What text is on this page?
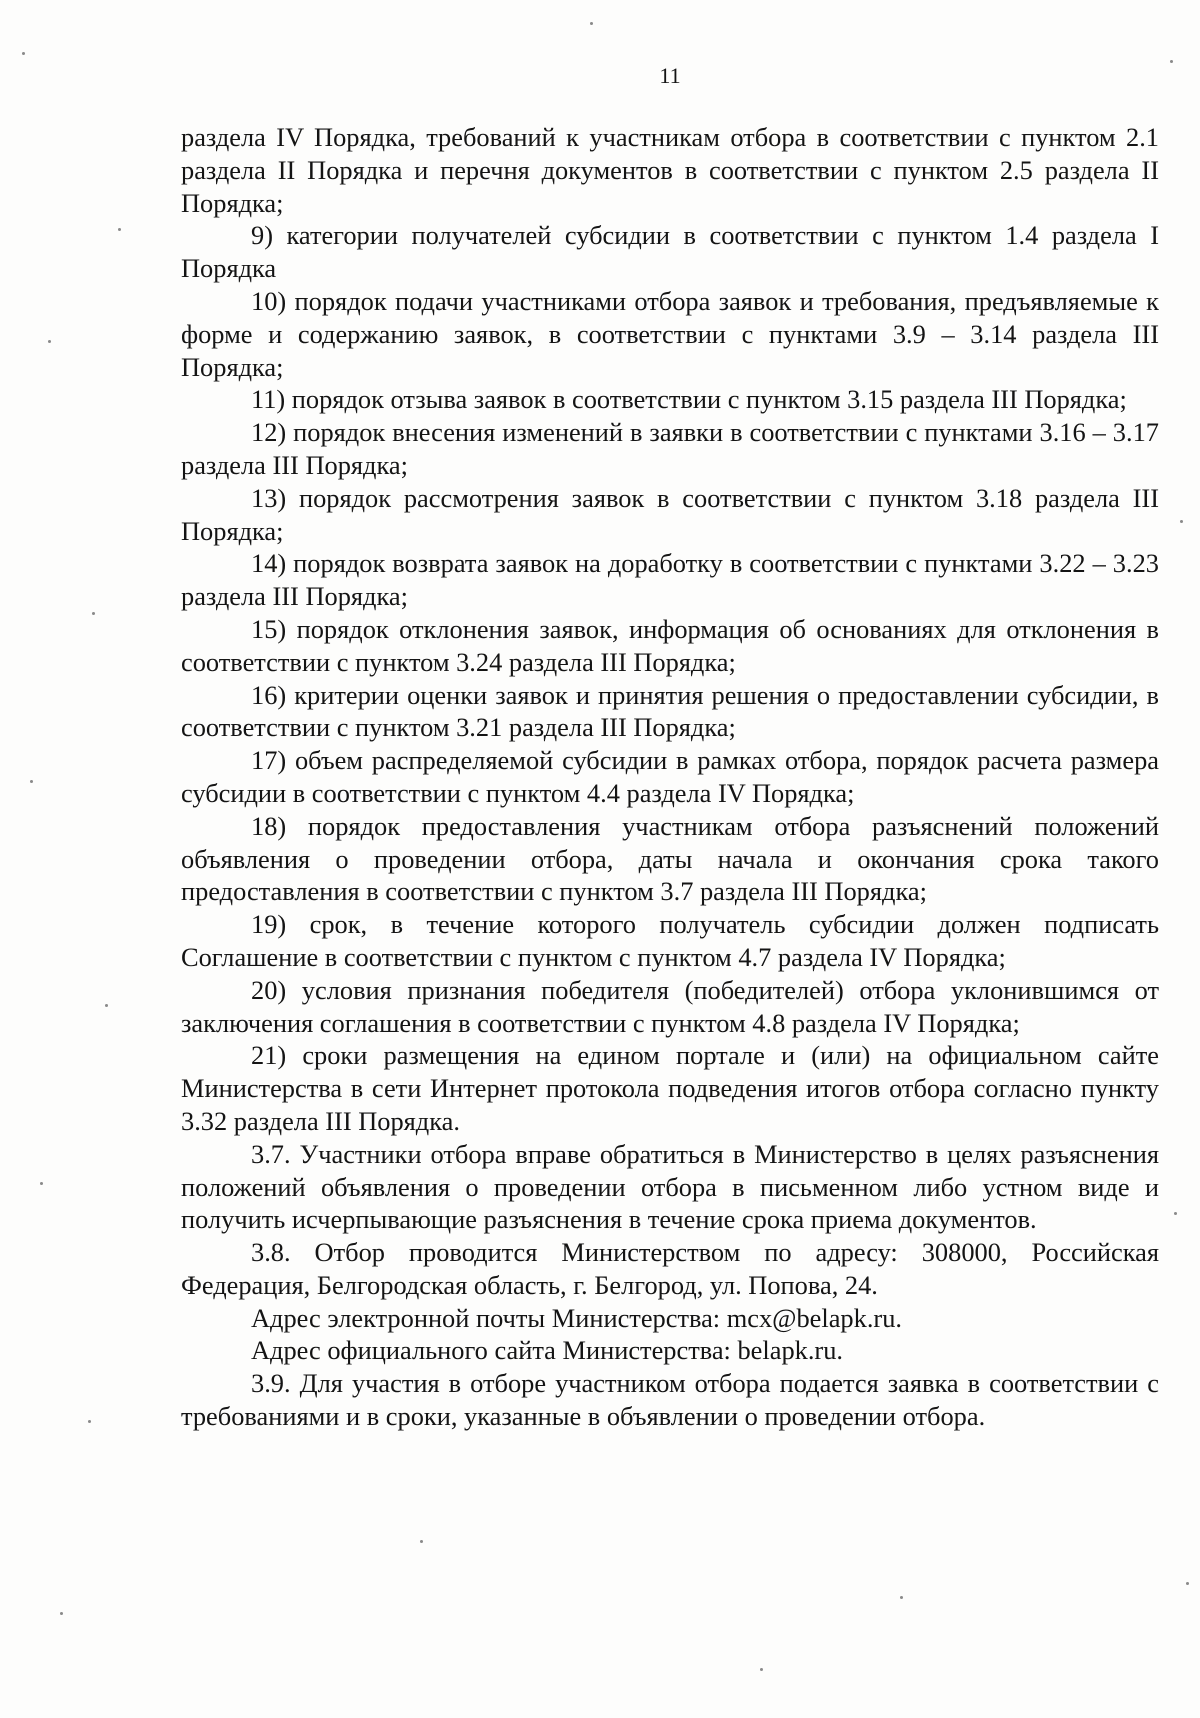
11

раздела IV Порядка, требований к участникам отбора в соответствии с пунктом 2.1 раздела II Порядка и перечня документов в соответствии с пунктом 2.5 раздела II Порядка;

9) категории получателей субсидии в соответствии с пунктом 1.4 раздела I Порядка

10) порядок подачи участниками отбора заявок и требования, предъявляемые к форме и содержанию заявок, в соответствии с пунктами 3.9 – 3.14 раздела III Порядка;

11) порядок отзыва заявок в соответствии с пунктом 3.15 раздела III Порядка;

12) порядок внесения изменений в заявки в соответствии с пунктами 3.16 – 3.17 раздела III Порядка;

13) порядок рассмотрения заявок в соответствии с пунктом 3.18 раздела III Порядка;

14) порядок возврата заявок на доработку в соответствии с пунктами 3.22 – 3.23 раздела III Порядка;

15) порядок отклонения заявок, информация об основаниях для отклонения в соответствии с пунктом 3.24 раздела III Порядка;

16) критерии оценки заявок и принятия решения о предоставлении субсидии, в соответствии с пунктом 3.21 раздела III Порядка;

17) объем распределяемой субсидии в рамках отбора, порядок расчета размера субсидии в соответствии с пунктом 4.4 раздела IV Порядка;

18) порядок предоставления участникам отбора разъяснений положений объявления о проведении отбора, даты начала и окончания срока такого предоставления в соответствии с пунктом 3.7 раздела III Порядка;

19) срок, в течение которого получатель субсидии должен подписать Соглашение в соответствии с пунктом с пунктом 4.7 раздела IV Порядка;

20) условия признания победителя (победителей) отбора уклонившимся от заключения соглашения в соответствии с пунктом 4.8 раздела IV Порядка;

21) сроки размещения на едином портале и (или) на официальном сайте Министерства в сети Интернет протокола подведения итогов отбора согласно пункту 3.32 раздела III Порядка.

3.7. Участники отбора вправе обратиться в Министерство в целях разъяснения положений объявления о проведении отбора в письменном либо устном виде и получить исчерпывающие разъяснения в течение срока приема документов.

3.8. Отбор проводится Министерством по адресу: 308000, Российская Федерация, Белгородская область, г. Белгород, ул. Попова, 24.

Адрес электронной почты Министерства: mcx@belapk.ru.

Адрес официального сайта Министерства: belapk.ru.

3.9. Для участия в отборе участником отбора подается заявка в соответствии с требованиями и в сроки, указанные в объявлении о проведении отбора.
